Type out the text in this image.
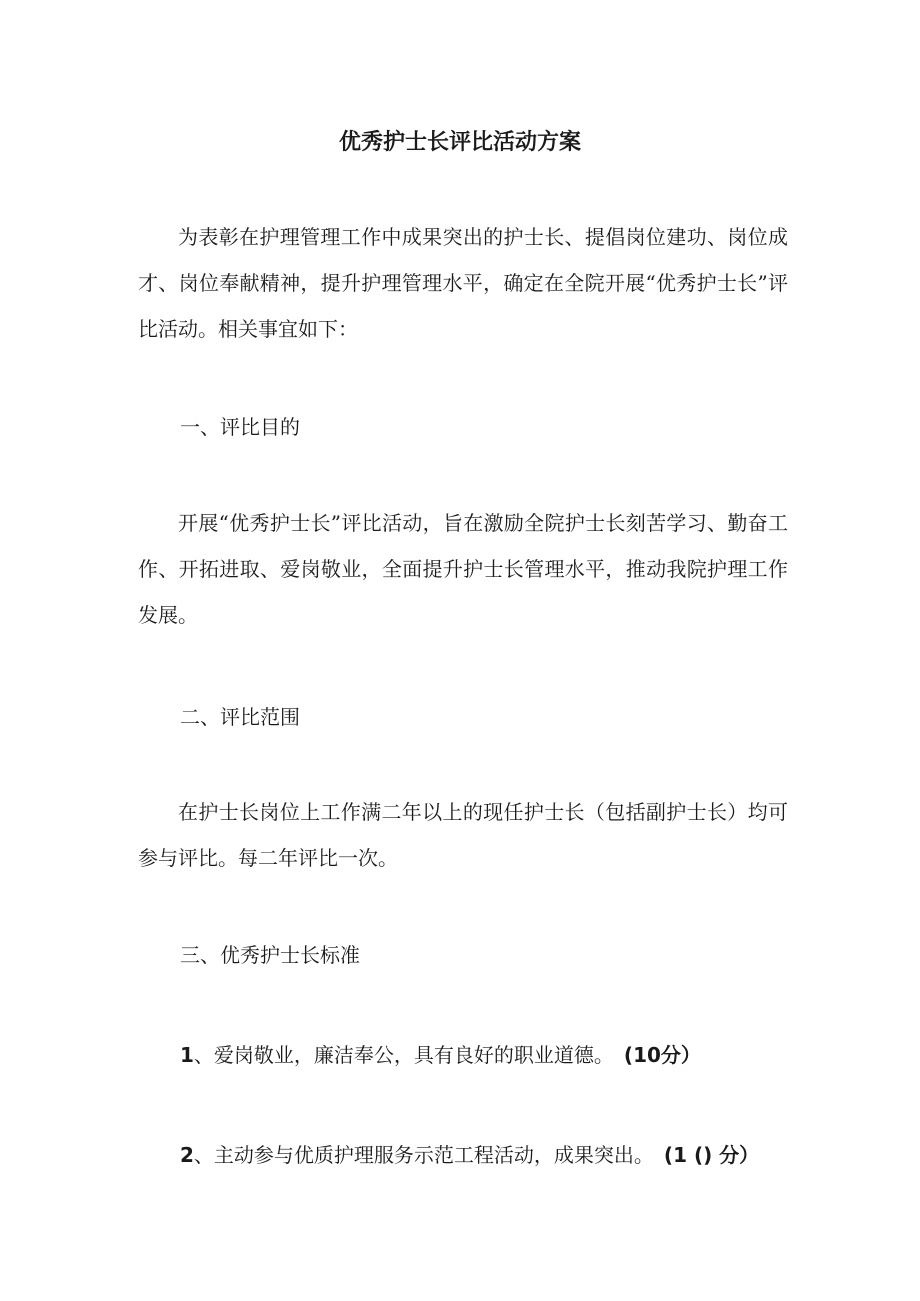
优秀护士长评比活动方案

为表彰在护理管理工作中成果突出的护士长、提倡岗位建功、岗位成才、岗位奉献精神，提升护理管理水平，确定在全院开展“优秀护士长”评比活动。相关事宜如下：

一、评比目的

开展“优秀护士长”评比活动，旨在激励全院护士长刻苦学习、勤奋工作、开拓进取、爱岗敬业，全面提升护士长管理水平，推动我院护理工作发展。

二、评比范围

在护士长岗位上工作满二年以上的现任护士长（包括副护士长）均可参与评比。每二年评比一次。

三、优秀护士长标准

1、爱岗敬业，廉洁奉公，具有良好的职业道德。 (10分）

2、主动参与优质护理服务示范工程活动，成果突出。 (1 () 分）
